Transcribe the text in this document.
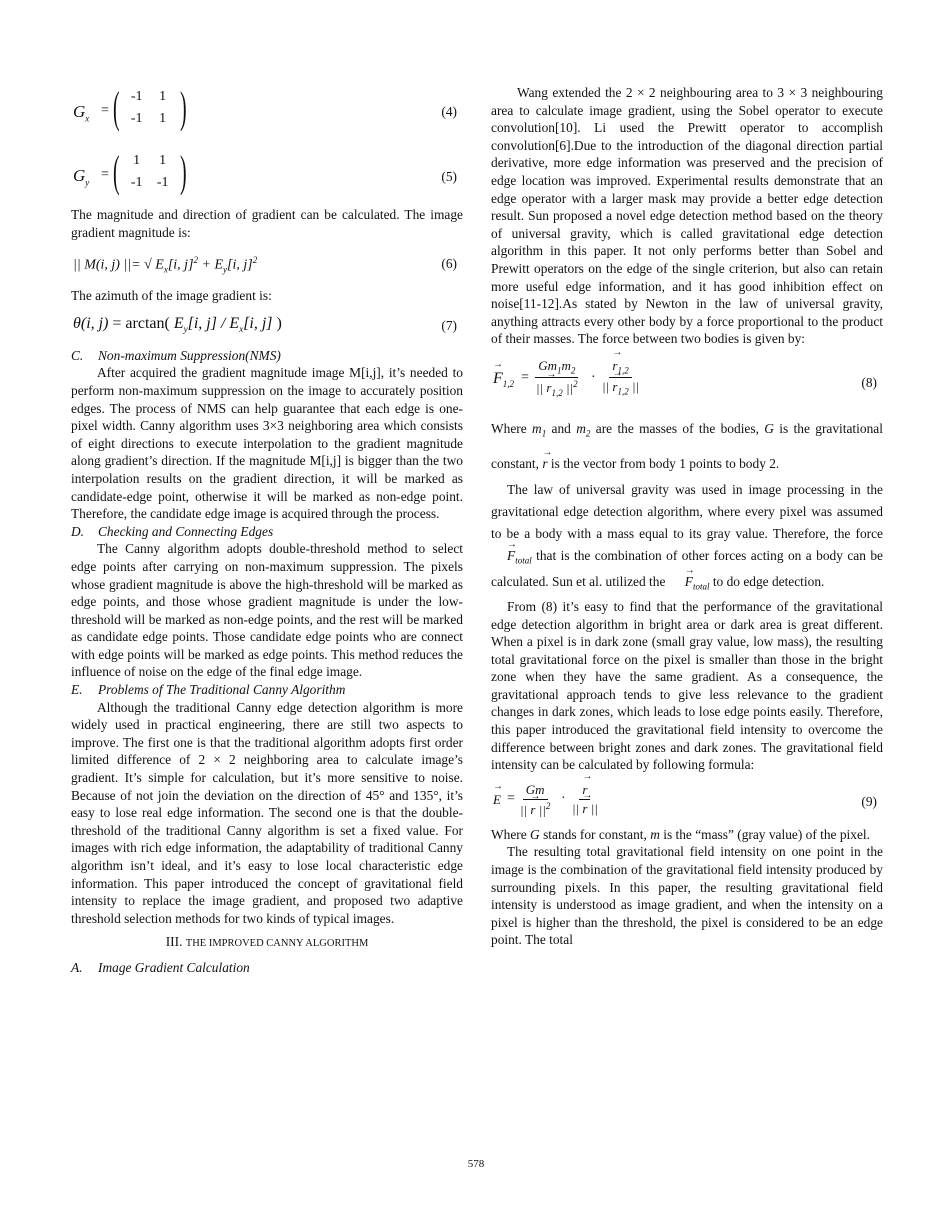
$G_x$
= ( -1	1
-1	1 )	(4)
$G_y$
= ( 1	1
-1	-1 )	(5)

The magnitude and direction of gradient can be calculated. The image gradient magnitude is:

|| M(i, j) ||= √ $E_x[i$, $j]^2 + E_y[i$, j]$^2$	(6)

The azimuth of the image gradient is:

θ(i, j) = arctan( $E_y[i$, $j] / E_x[i$, j] )	(7)
C. Non-maximum Suppression(NMS)

After acquired the gradient magnitude image M[i,j], it’s needed to perform non-maximum suppression on the image to accurately position edges. The process of NMS can help guarantee that each edge is one-pixel width. Canny algorithm uses 3×3 neighboring area which consists of eight directions to execute interpolation to the gradient magnitude along gradient’s direction. If the magnitude M[i,j] is bigger than the two interpolation results on the gradient direction, it will be marked as candidate-edge point, otherwise it will be marked as non-edge point. Therefore, the candidate edge image is acquired through the process.

D. Checking and Connecting Edges

The Canny algorithm adopts double-threshold method to select edge points after carrying on non-maximum suppression. The pixels whose gradient magnitude is above the high-threshold will be marked as edge points, and those whose gradient magnitude is under the low-threshold will be marked as non-edge points, and the rest will be marked as candidate edge points. Those candidate edge points who are connect with edge points will be marked as edge points. This method reduces the influence of noise on the edge of the final edge image.

E. Problems of The Traditional Canny Algorithm

Although the traditional Canny edge detection algorithm is more widely used in practical engineering, there are still two aspects to improve. The first one is that the traditional algorithm adopts first order limited difference of 2 × 2 neighboring area to calculate image’s gradient. It’s simple for calculation, but it’s more sensitive to noise. Because of not join the deviation on the direction of 45° and 135°, it’s easy to lose real edge information. The second one is that the double-threshold of the traditional Canny algorithm is set a fixed value. For images with rich edge information, the adaptability of traditional Canny algorithm isn’t ideal, and it’s easy to lose local characteristic edge information. This paper introduced the concept of gravitational field intensity to replace the image gradient, and proposed two adaptive threshold selection methods for two kinds of typical images.

III. THE IMPROVED CANNY ALGORITHM
A. Image Gradient Calculation

Wang extended the 2 × 2 neighbouring area to 3 × 3 neighbouring area to calculate image gradient, using the Sobel operator to execute convolution[10]. Li used the Prewitt operator to accomplish convolution[6].Due to the introduction of the diagonal direction partial derivative, more edge information was preserved and the precision of edge location was improved. Experimental results demonstrate that an edge operator with a larger mask may provide a better edge detection result. Sun proposed a novel edge detection method based on the theory of universal gravity, which is called gravitational edge detection algorithm in this paper. It not only performs better than Sobel and Prewitt operators on the edge of the single criterion, but also can retain more useful edge information, and it has good inhibition effect on noise[11-12].As stated by Newton in the law of universal gravity, anything attracts every other body by a force proportional to the product of their masses. The force between two bodies is given by:

→ $F_{1,2} = \frac{Gm_1m_2}{|| \to r_{1,2} ||^2}$ · → $\frac{r_{1,2}}{|| \to r_{1,2} ||}$	(8)

Where $m_1$ and $m_2$ are the masses of the bodies, G is the gravitational constant, → r is the vector from body 1 points to body 2.

The law of universal gravity was used in image processing in the gravitational edge detection algorithm, where every pixel was assumed to be a body with a mass equal to its gray value. Therefore, the force → $F_{total}$ that is the combination of other forces acting on a body can be calculated. Sun et al. utilized the → $F_{total}$ to do edge detection.

From (8) it’s easy to find that the performance of the gravitational edge detection algorithm in bright area or dark area is great different. When a pixel is in dark zone (small gray value, low mass), the resulting total gravitational force on the pixel is smaller than those in the bright zone when they have the same gradient. As a consequence, the gravitational approach tends to give less relevance to the gradient changes in dark zones, which leads to lose edge points easily. Therefore, this paper introduced the gravitational field intensity to overcome the difference between bright zones and dark zones. The gravitational field intensity can be calculated by following formula:

→ $E = \frac{Gm}{|| \to r ||^2}$ · → $\frac{r}{|| \to r ||}$	(9)

Where G stands for constant, m is the “mass” (gray value) of the pixel.

The resulting total gravitational field intensity on one point in the image is the combination of the gravitational field intensity produced by surrounding pixels. In this paper, the resulting gravitational field intensity is understood as image gradient, and when the intensity on a pixel is higher than the threshold, the pixel is considered to be an edge point. The total

578
